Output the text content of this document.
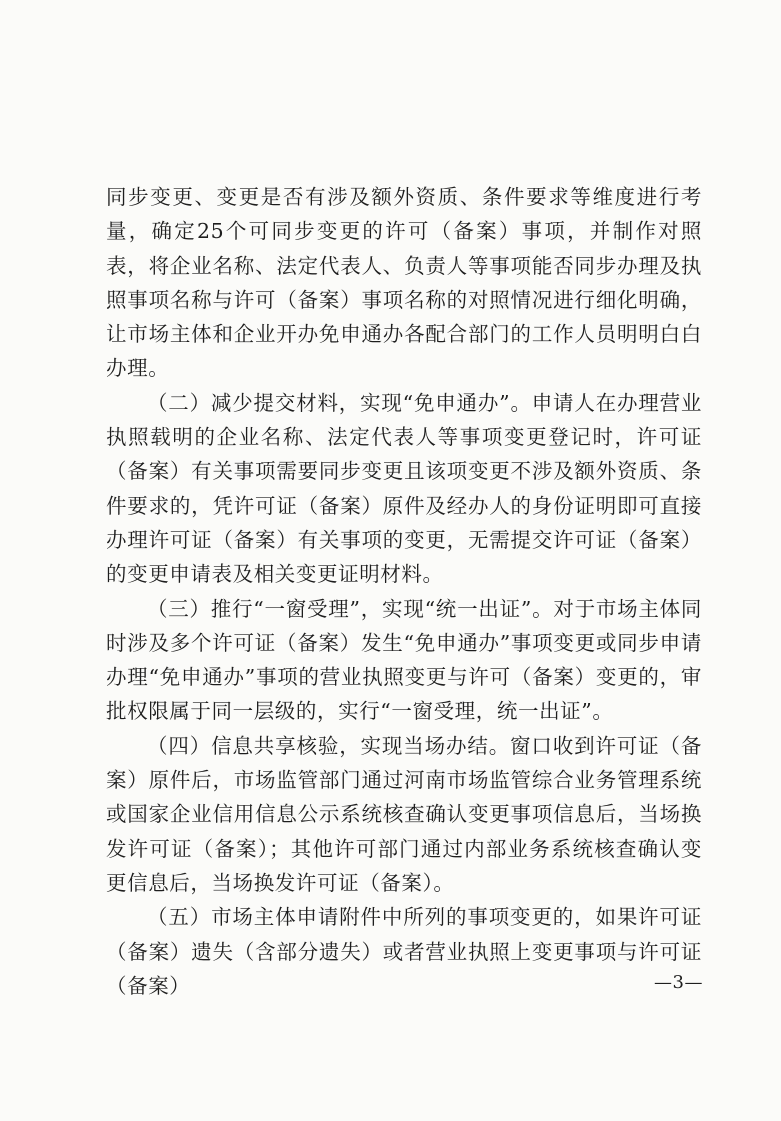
同步变更、变更是否有涉及额外资质、条件要求等维度进行考量，确定25个可同步变更的许可（备案）事项，并制作对照表，将企业名称、法定代表人、负责人等事项能否同步办理及执照事项名称与许可（备案）事项名称的对照情况进行细化明确，让市场主体和企业开办免申通办各配合部门的工作人员明明白白办理。

（二）减少提交材料，实现“免申通办”。申请人在办理营业执照载明的企业名称、法定代表人等事项变更登记时，许可证（备案）有关事项需要同步变更且该项变更不涉及额外资质、条件要求的，凭许可证（备案）原件及经办人的身份证明即可直接办理许可证（备案）有关事项的变更，无需提交许可证（备案）的变更申请表及相关变更证明材料。

（三）推行“一窗受理”，实现“统一出证”。对于市场主体同时涉及多个许可证（备案）发生“免申通办”事项变更或同步申请办理“免申通办”事项的营业执照变更与许可（备案）变更的，审批权限属于同一层级的，实行“一窗受理，统一出证”。

（四）信息共享核验，实现当场办结。窗口收到许可证（备案）原件后，市场监管部门通过河南市场监管综合业务管理系统或国家企业信用信息公示系统核查确认变更事项信息后，当场换发许可证（备案）；其他许可部门通过内部业务系统核查确认变更信息后，当场换发许可证（备案）。

（五）市场主体申请附件中所列的事项变更的，如果许可证（备案）遗失（含部分遗失）或者营业执照上变更事项与许可证（备案）	—3—
